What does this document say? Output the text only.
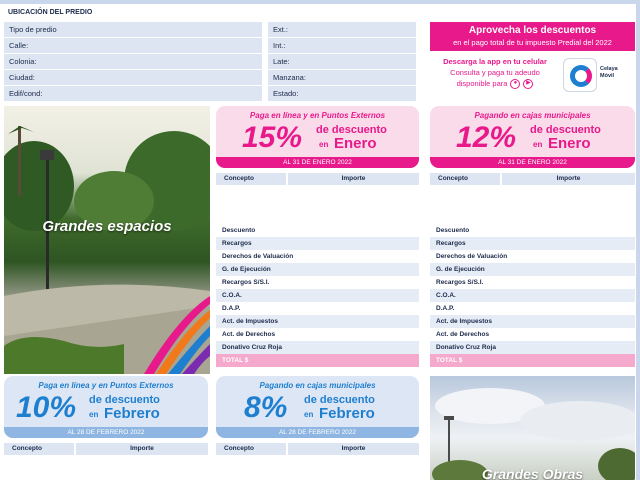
UBICACIÓN DEL PREDIO
Tipo de predio
Calle:
Colonia:
Ciudad:
Edif/cond:
Ext.:
Int.:
Late:
Manzana:
Estado:
Aprovecha los descuentos
en el pago total de tu impuesto Predial del 2022
Descarga la app en tu celular
Consulta y paga tu adeudo
disponible para ● ▶
Celaya Móvil
Grandes espacios
Grandes Obras
Paga en línea y en Puntos Externos
15% de descuento
en Enero
AL 31 DE ENERO 2022
Pagando en cajas municipales
12% de descuento
en Enero
AL 31 DE ENERO 2022
Paga en línea y en Puntos Externos
10% de descuento
en Febrero
AL 28 DE FEBRERO 2022
Pagando en cajas municipales
8% de descuento
en Febrero
AL 28 DE FEBRERO 2022
Concepto	Importe	Concepto	Importe
Concepto	Importe	Concepto	Importe
Descuento
Recargos
Derechos de Valuación
G. de Ejecución
Recargos S/S.I.
C.O.A.
D.A.P.
Act. de Impuestos
Act. de Derechos
Donativo Cruz Roja
TOTAL $
Descuento
Recargos
Derechos de Valuación
G. de Ejecución
Recargos S/S.I.
C.O.A.
D.A.P.
Act. de Impuestos
Act. de Derechos
Donativo Cruz Roja
TOTAL $
